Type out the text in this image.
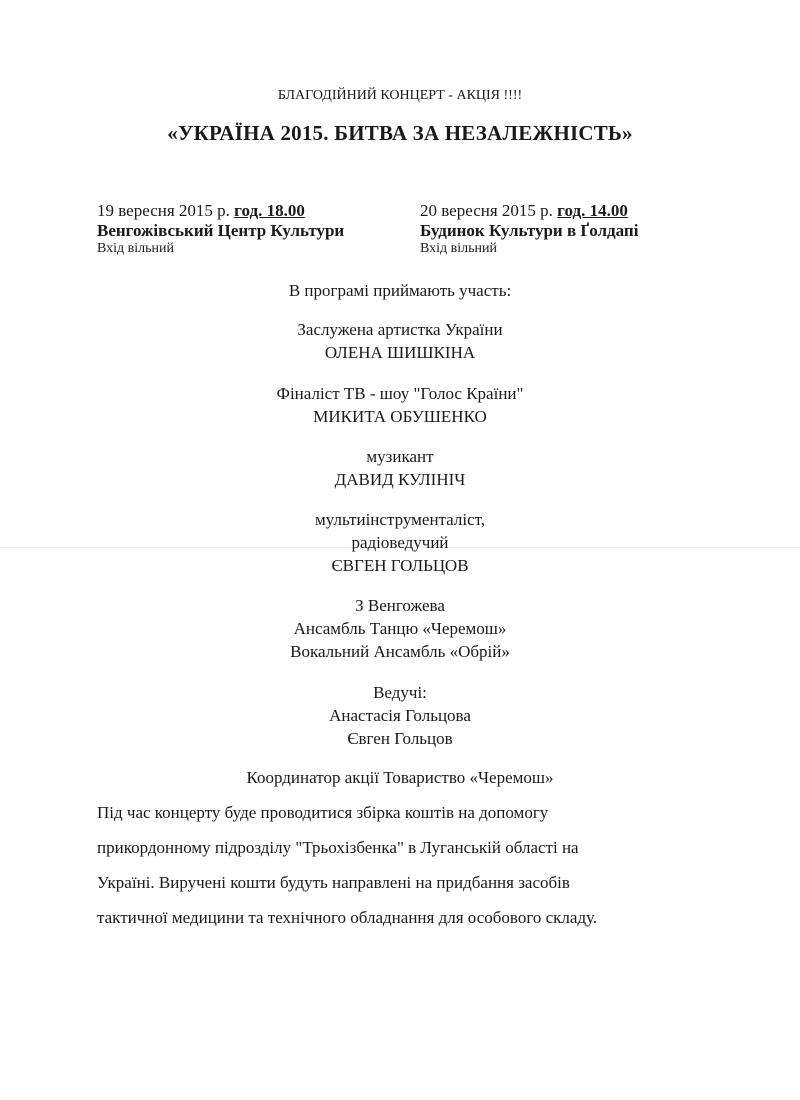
БЛАГОДІЙНИЙ КОНЦЕРТ - АКЦІЯ !!!!
«УКРАЇНА 2015. БИТВА ЗА НЕЗАЛЕЖНІСТЬ»
19 вересня 2015 р. год. 18.00
Венгожівський Центр Культури
Вхід вільний
20 вересня 2015 р. год. 14.00
Будинок Культури в Ґолдапі
Вхід вільний
В програмі приймають участь:
Заслужена артистка України
ОЛЕНА ШИШКІНА
Фіналіст ТВ - шоу "Голос Країни"
МИКИТА ОБУШЕНКО
музикант
ДАВИД КУЛІНІЧ
мультиінструменталіст,
радіоведучий
ЄВГЕН ГОЛЬЦОВ
З Венгожева
Ансамбль Танцю «Черемош»
Вокальний Ансамбль «Обрій»
Ведучі:
Анастасія Гольцова
Євген Гольцов
Координатор акції Товариство «Черемош»
Під час концерту буде проводитися збірка коштів на допомогу
прикордонному підрозділу "Трьохізбенка" в Луганській області на
Україні. Виручені кошти будуть направлені на придбання засобів
тактичної медицини та технічного обладнання для особового складу.
